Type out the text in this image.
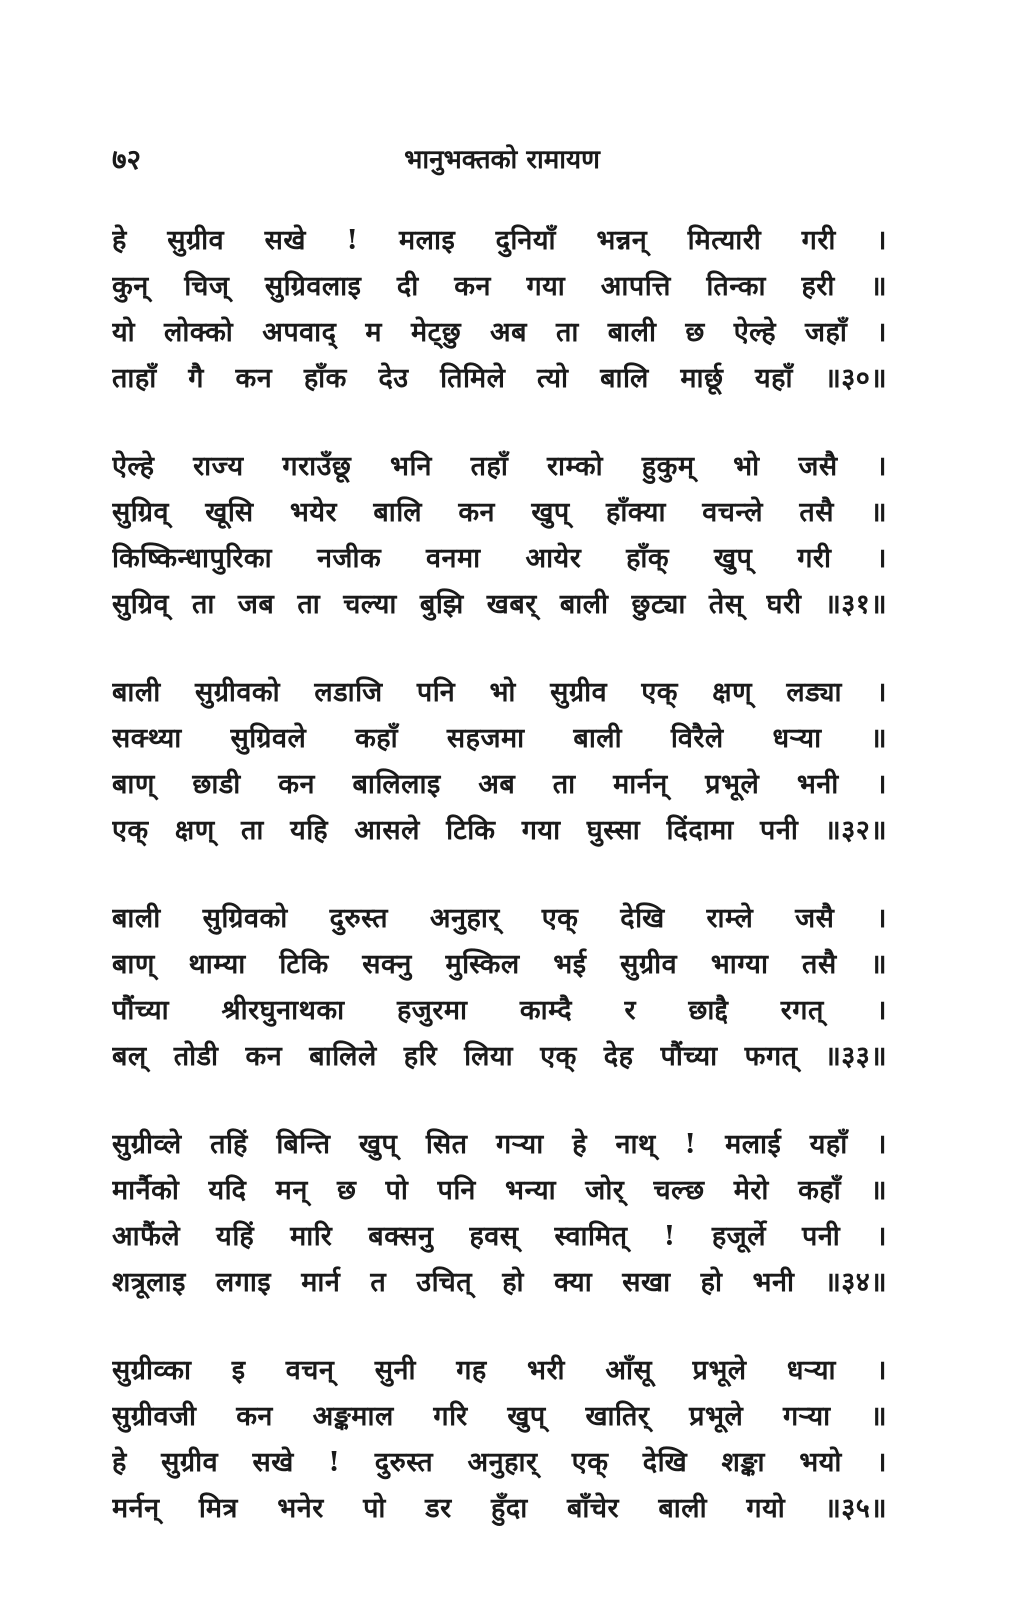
७२	भानुभक्तको रामायण
हे सुग्रीव सखे ! मलाइ दुनियाँ भन्नन् मित्यारी गरी ।
कुन् चिज् सुग्रिवलाइ दी कन गया आपत्ति तिन्का हरी ॥
यो लोक्को अपवाद् म मेट्छु अब ता बाली छ ऐल्हे जहाँ ।
ताहाँ गै कन हाँक देउ तिमिले त्यो बालि मार्छू यहाँ ॥३०॥
ऐल्हे राज्य गराउँछू भनि तहाँ राम्को हुकुम् भो जसै ।
सुग्रिव् खूसि भयेर बालि कन खुप् हाँक्या वचन्ले तसै ॥
किष्किन्धापुरिका नजीक वनमा आयेर हाँक् खुप् गरी ।
सुग्रिव् ता जब ता चल्या बुझि खबर् बाली छुट्या तेस् घरी ॥३१॥
बाली सुग्रीवको लडाजि पनि भो सुग्रीव एक् क्षण् लड्या ।
सक्थ्या सुग्रिवले कहाँ सहजमा बाली विरैले धऱ्या ॥
बाण् छाडी कन बालिलाइ अब ता मार्नन् प्रभूले भनी ।
एक् क्षण् ता यहि आसले टिकि गया घुस्सा दिंदामा पनी ॥३२॥
बाली सुग्रिवको दुरुस्त अनुहार् एक् देखि राम्ले जसै ।
बाण् थाम्या टिकि सक्नु मुस्किल भई सुग्रीव भाग्या तसै ॥
पौंच्या श्रीरघुनाथका हजुरमा काम्दै र छाद्दै रगत् ।
बल् तोडी कन बालिले हरि लिया एक् देह पौंच्या फगत् ॥३३॥
सुग्रीव्ले तहिं बिन्ति खुप् सित गऱ्या हे नाथ् ! मलाई यहाँ ।
मार्नैको यदि मन् छ पो पनि भन्या जोर् चल्छ मेरो कहाँ ॥
आफैंले यहिं मारि बक्सनु हवस् स्वामित् ! हजूर्ले पनी ।
शत्रूलाइ लगाइ मार्न त उचित् हो क्या सखा हो भनी ॥३४॥
सुग्रीव्का इ वचन् सुनी गह भरी आँसू प्रभूले धऱ्या ।
सुग्रीवजी कन अङ्कमाल गरि खुप् खातिर् प्रभूले गऱ्या ॥
हे सुग्रीव सखे ! दुरुस्त अनुहार् एक् देखि शङ्का भयो ।
मर्नन् मित्र भनेर पो डर हुँदा बाँचेर बाली गयो ॥३५॥
